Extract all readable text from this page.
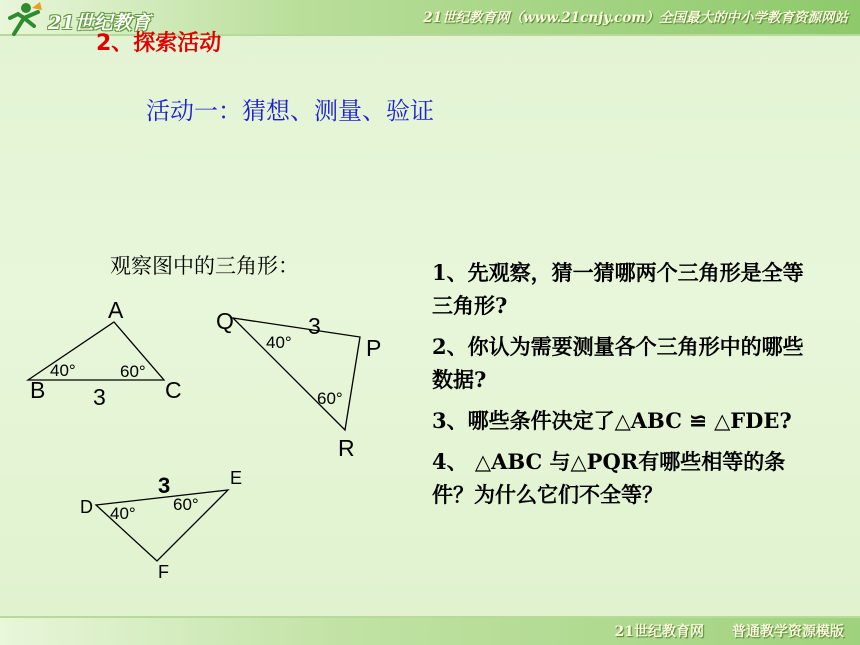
21世纪教育	21世纪教育网（www.21cnjy.com）全国最大的中小学教育资源网站
2、探索活动
活动一：猜想、测量、验证
观察图中的三角形：
A
B	C
40°	60°
3
Q
P
R
40°
60°
3
D
E
F
40° 60°
3
1、先观察，猜一猜哪两个三角形是全等三角形?
2、你认为需要测量各个三角形中的哪些数据?
3、哪些条件决定了△ABC ≌ △FDE?
4、 △ABC 与△PQR有哪些相等的条件？为什么它们不全等？
21世纪教育网　　普通教学资源模版
